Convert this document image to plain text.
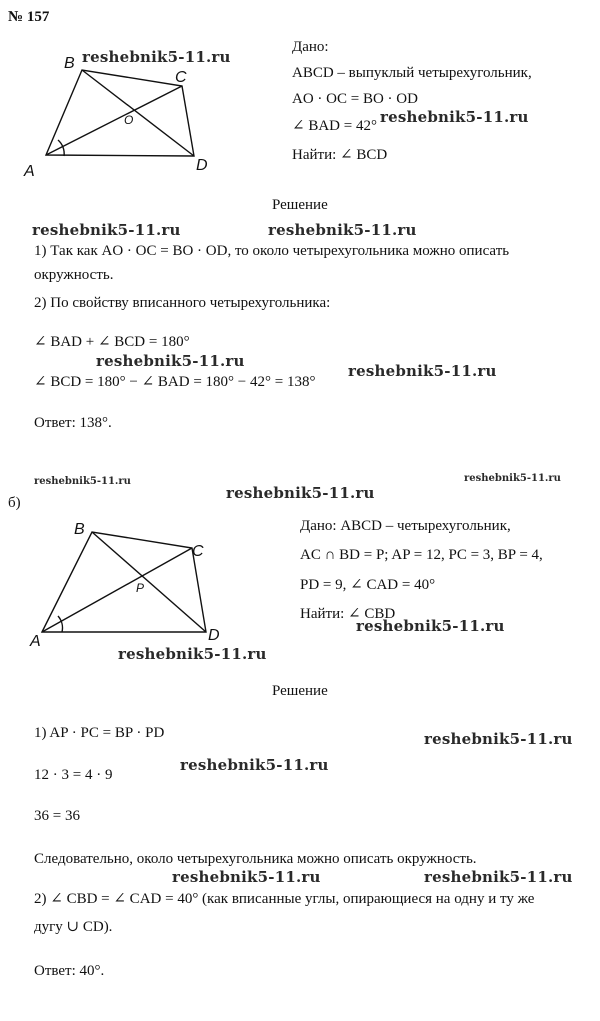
№ 157
A
B
C
D
O
reshebnik5-11.ru
Дано:
ABCD – выпуклый четырехугольник,
AO · OC = BO · OD
∠ BAD = 42° reshebnik5-11.ru
Найти: ∠ BCD
Решение
reshebnik5-11.ru	reshebnik5-11.ru
1) Так как AO · OC = BO · OD, то около четырехугольника можно описать
окружность.
2) По свойству вписанного четырехугольника:
∠ BAD + ∠ BCD = 180°
reshebnik5-11.ru
∠ BCD = 180° − ∠ BAD = 180° − 42° = 138°
reshebnik5-11.ru
Ответ: 138°.
reshebnik5-11.ru	reshebnik5-11.ru
б)
reshebnik5-11.ru
A
B
C
D
P
Дано: ABCD – четырехугольник,
AC ∩ BD = P; AP = 12, PC = 3, BP = 4,
PD = 9, ∠ CAD = 40°
Найти: ∠ CBD
reshebnik5-11.ru
reshebnik5-11.ru
Решение
1) AP · PC = BP · PD	reshebnik5-11.ru
reshebnik5-11.ru
12 · 3 = 4 · 9
36 = 36
Следовательно, около четырехугольника можно описать окружность.
reshebnik5-11.ru	reshebnik5-11.ru
2) ∠ CBD = ∠ CAD = 40° (как вписанные углы, опирающиеся на одну и ту же
дугу ∪ CD).
Ответ: 40°.
